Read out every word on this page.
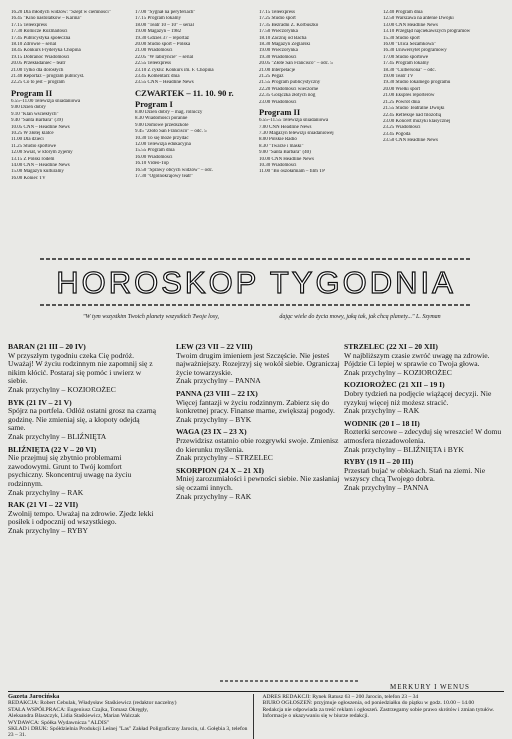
16.20 Dla młodych widzów: "Szept w ciemności"
16.45 "Kino nastolatków – Karina"
17.15 Teleexpress
17.30 Rolnicze Rozmaitości
17.45 Publicystyka społeczna
18.10 Zdrowie – serial
18.45 Konkurs Fryderyka Chopina
19.15 Dobranoc Wiadomości
20.05 Przekładaniec – teatr
21.00 Tylko dla dorosłych
21.40 Reportaż – program publicyst.
22.25 Co to jest – program
Program II
6.55–11.00 Telewizja śniadaniowa
9.00 Dzień dobry
9.10 "Klan wściekłych"
9.40 "Santa Barbara" (39)
10.05 CNN – Headline News
10.25 W złotej klatce
11.00 Dla dzieci
11.25 Studio sportowe
12.00 Świat, w którym żyjemy
13.15 Z Polski rodem
14.00 CNN – Headline News
15.00 Magazyn kulturalny
16.00 Koniec TV
17.00 "Sygnał na peryferiach"
17.15 Program lokalny
18.00 "Teatr 10 – 10" – serial
19.00 Magazyn – 1982
19.30 Gdzieś 37 – reportaż
20.00 Studio sport – Polska
21.00 Wiadomości
22.05 "W labiryncie" – serial
22.55 Teleexpress
23.10 Z cyklu: Konkurs im. F. Chopina
23.45 Komentarz dnia
23.55 CNN – Headline News
CZWARTEK – 11. 10. 90 r.
Program I
8.00 Dzień dobry – mag. rolniczy
8.30 Wiadomości poranne
9.00 Domowe przedszkole
9.45 "Złoto San Francisco" – odc. 5
10.30 To się może przydać
12.00 Telewizja edukacyjna
15.55 Program dnia
16.00 Wiadomości
16.10 Video-Top
16.50 "Sprawy obcych widzów" – odc.
17.30 "Ogólnokrajowy teatr"
17.15 Teleexpress
17.25 Studio sport
17.35 Bezradni Z. Korbuszko
17.50 Wieczorynka
18.10 Zacznij od Bacha
18.30 Magazyn Żeglarski
19.00 Wieczorynka
19.30 Wiadomości
20.05 "Złote San Francisco" – odc. 5
21.00 Interpelacje
21.25 Pegaz
21.55 Program publicystyczny
22.20 Wiadomości wieczorne
22.35 Gorączka złotych nóg
23.00 Wiadomości
Program II
6.55–11.55 Telewizja śniadaniowa
7.00 CNN Headline News
7.30 Magazyn telewizji śniadaniowej
8.00 Polskie Radio
8.30 "Twarze i maski"
9.00 "Santa Barbara" (40)
10.00 CNN Headline News
10.30 Wiadomości
11.00 "Bo oszołamiam – film TP
12.40 Program dnia
12.50 Warszawa na antenie Dwójki
13.00 CNN Headline News
13.10 Przegląd najciekawszych programów
15.30 Studio sport
16.00 "Ulica Sezamkowa"
16.30 Uniwersytet programowy
17.00 Studio sportowe
17.45 Program lokalny
18.30 "Culbersona" – odc.
19.00 Teatr TV
19.30 Studio lokalnego programu
20.00 Wielki sport
21.00 Ekspres reporterów
21.25 Powrót dnia
21.55 Studio Teatralne Dwójki
22.45 Refleksje nad filozofią
23.00 Koncert muzyki klasycznej
23.25 Wiadomości
23.45 Pogoda
23.50 CNN Headline News
HOROSKOP TYGODNIA
"W tym wszystkim Twoich planety wszystkich Twoje losy,	dając wiele do życia mowy, jaką tak, jak chcą planety..." L. Szyman
BARAN (21 III – 20 IV)
W przyszłym tygodniu czeka Cię podróż. Uważaj! W życiu rodzinnym nie zapomnij się z nikim kłócić. Postaraj się pomóc i uwierz w siebie.
Znak przychylny – KOZIOROŻEC
BYK (21 IV – 21 V)
Spójrz na portfela. Odłóż ostatni grosz na czarną godzinę. Nie zmieniaj się, a kłopoty odejdą same.
Znak przychylny – BLIŹNIĘTA
BLIŹNIĘTA (22 V – 20 VI)
Nie przejmuj się zbytnio problemami zawodowymi. Grunt to Twój komfort psychiczny. Skoncentruj uwagę na życiu rodzinnym.
Znak przychylny – RAK
RAK (21 VI – 22 VII)
Zwolnij tempo. Uważaj na zdrowie. Zjedz lekki posiłek i odpocznij od wszystkiego.
Znak przychylny – RYBY
LEW (23 VII – 22 VIII)
Twoim drugim imieniem jest Szczęście. Nie jesteś najważniejszy. Rozejrzyj się wokół siebie. Ograniczaj życie towarzyskie.
Znak przychylny – PANNA
PANNA (23 VIII – 22 IX)
Więcej fantazji w życiu rodzinnym. Zabierz się do konkretnej pracy. Finanse marne, zwiększaj pogody.
Znak przychylny – BYK
WAGA (23 IX – 23 X)
Przewidzisz ostatnio obie rozgrywki swoje. Zmienisz do kierunku myślenia.
Znak przychylny – STRZELEC
SKORPION (24 X – 21 XI)
Mniej zarozumiałości i pewności siebie. Nie zasłaniaj się oczami innych.
Znak przychylny – RAK
STRZELEC (22 XI – 20 XII)
W najbliższym czasie zwróć uwagę na zdrowie. Pójdzie Ci lepiej w sprawie co Twoja głowa.
Znak przychylny – KOZIOROŻEC
KOZIOROŻEC (21 XII – 19 I)
Dobry tydzień na podjęcie wiążącej decyzji. Nie ryzykuj więcej niż możesz stracić.
Znak przychylny – RAK
WODNIK (20 I – 18 II)
Rozterki sercowe – zdecyduj się wreszcie! W domu atmosfera niezadowolenia.
Znak przychylny – BLIŹNIĘTA i BYK
RYBY (19 II – 20 III)
Przestań bujać w obłokach. Stań na ziemi. Nie wszyscy chcą Twojego dobra.
Znak przychylny – PANNA
MERKURY I WENUS
Gazeta Jarocińska
REDAKCJA: Robert Cebulak, Władysław Staśkiewicz (redaktor naczelny)
STAŁA WSPÓŁPRACA: Eugeniusz Czajka, Tomasz Okręgły,
Aleksandra Blaszczyk, Lidia Staśkiewicz, Marian Walczak
WYDAWCA: Spółka Wydawnicza "ALDIS"
SKŁAD i DRUK: Spółdzielnia Produkcji Leśnej "Las" Zakład Poligraficzny Jarocin, ul. Gołębia 3, telefon 23 – 31.
ADRES REDAKCJI: Rynek Ratusz 63 – 200 Jarocin, telefon 23 – 34
BIURO OGŁOSZEŃ: przyjmuje ogłoszenia, od poniedziałku do piątku w godz. 10.00 – 14.00
Redakcja nie odpowiada za treść reklam i ogłoszeń. Zastrzegamy sobie prawo skrótów i zmian tytułów.
Informacje o ukazywaniu się w biurze redakcji.
